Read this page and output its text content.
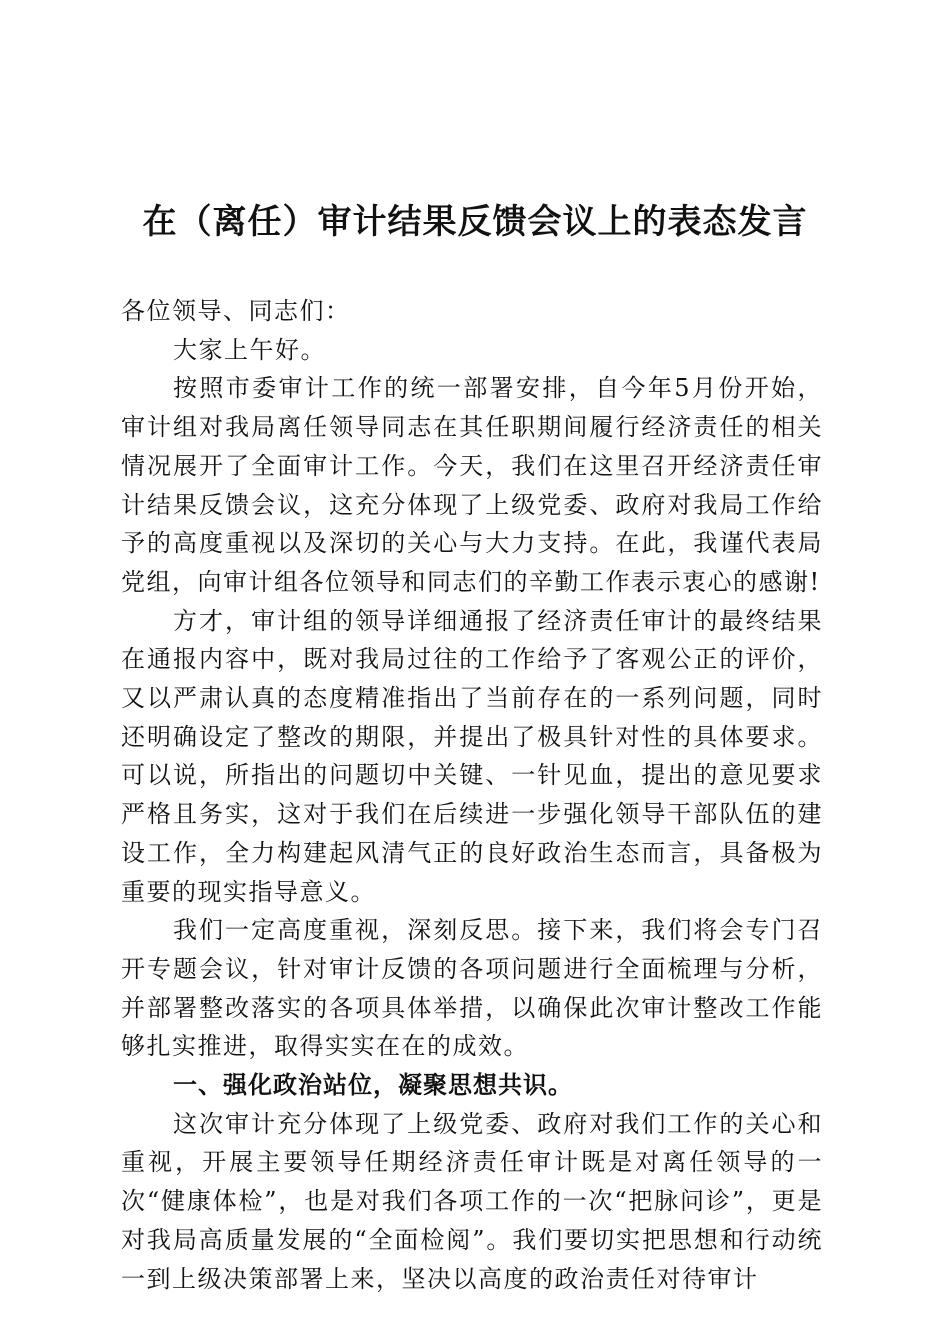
在（离任）审计结果反馈会议上的表态发言

各位领导、同志们：

大家上午好。

按照市委审计工作的统一部署安排，自今年5月份开始，审计组对我局离任领导同志在其任职期间履行经济责任的相关情况展开了全面审计工作。今天，我们在这里召开经济责任审计结果反馈会议，这充分体现了上级党委、政府对我局工作给予的高度重视以及深切的关心与大力支持。在此，我谨代表局党组，向审计组各位领导和同志们的辛勤工作表示衷心的感谢!

方才，审计组的领导详细通报了经济责任审计的最终结果在通报内容中，既对我局过往的工作给予了客观公正的评价，又以严肃认真的态度精准指出了当前存在的一系列问题，同时还明确设定了整改的期限，并提出了极具针对性的具体要求。可以说，所指出的问题切中关键、一针见血，提出的意见要求严格且务实，这对于我们在后续进一步强化领导干部队伍的建设工作，全力构建起风清气正的良好政治生态而言，具备极为重要的现实指导意义。

我们一定高度重视，深刻反思。接下来，我们将会专门召开专题会议，针对审计反馈的各项问题进行全面梳理与分析，并部署整改落实的各项具体举措，以确保此次审计整改工作能够扎实推进，取得实实在在的成效。

一、强化政治站位，凝聚思想共识。

这次审计充分体现了上级党委、政府对我们工作的关心和重视，开展主要领导任期经济责任审计既是对离任领导的一次“健康体检”，也是对我们各项工作的一次“把脉问诊”，更是对我局高质量发展的“全面检阅”。我们要切实把思想和行动统一到上级决策部署上来，坚决以高度的政治责任对待审计
